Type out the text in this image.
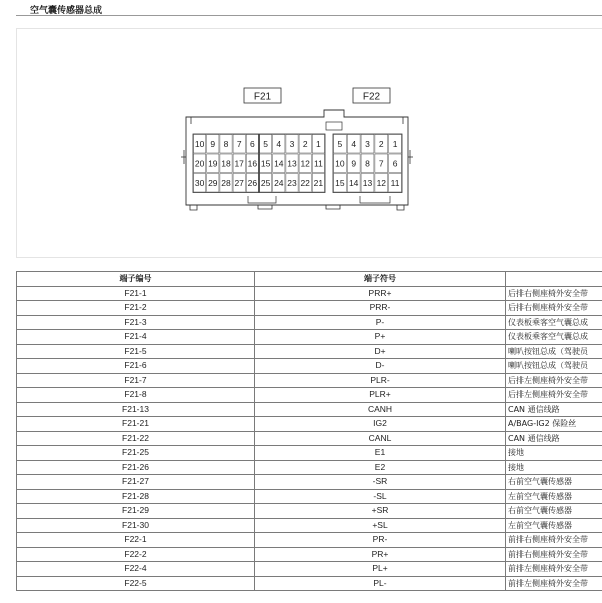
空气囊传感器总成
F21	F22
10 9 8 7 6 5 4 3 2 1
20 19 18 17 16 15 14 13 12 11
30 29 28 27 26 25 24 23 22 21
5 4 3 2 1
10 9 8 7 6
15 14 13 12 11
端子编号	端子符号	
F21-1	PRR+	后排右侧座椅外安全带
F21-2	PRR-	后排右侧座椅外安全带
F21-3	P-	仪表板乘客空气囊总成
F21-4	P+	仪表板乘客空气囊总成
F21-5	D+	喇叭按钮总成（驾驶员
F21-6	D-	喇叭按钮总成（驾驶员
F21-7	PLR-	后排左侧座椅外安全带
F21-8	PLR+	后排左侧座椅外安全带
F21-13	CANH	CAN 通信线路
F21-21	IG2	A/BAG-IG2 保险丝
F21-22	CANL	CAN 通信线路
F21-25	E1	接地
F21-26	E2	接地
F21-27	-SR	右前空气囊传感器
F21-28	-SL	左前空气囊传感器
F21-29	+SR	右前空气囊传感器
F21-30	+SL	左前空气囊传感器
F22-1	PR-	前排右侧座椅外安全带
F22-2	PR+	前排右侧座椅外安全带
F22-4	PL+	前排左侧座椅外安全带
F22-5	PL-	前排左侧座椅外安全带
